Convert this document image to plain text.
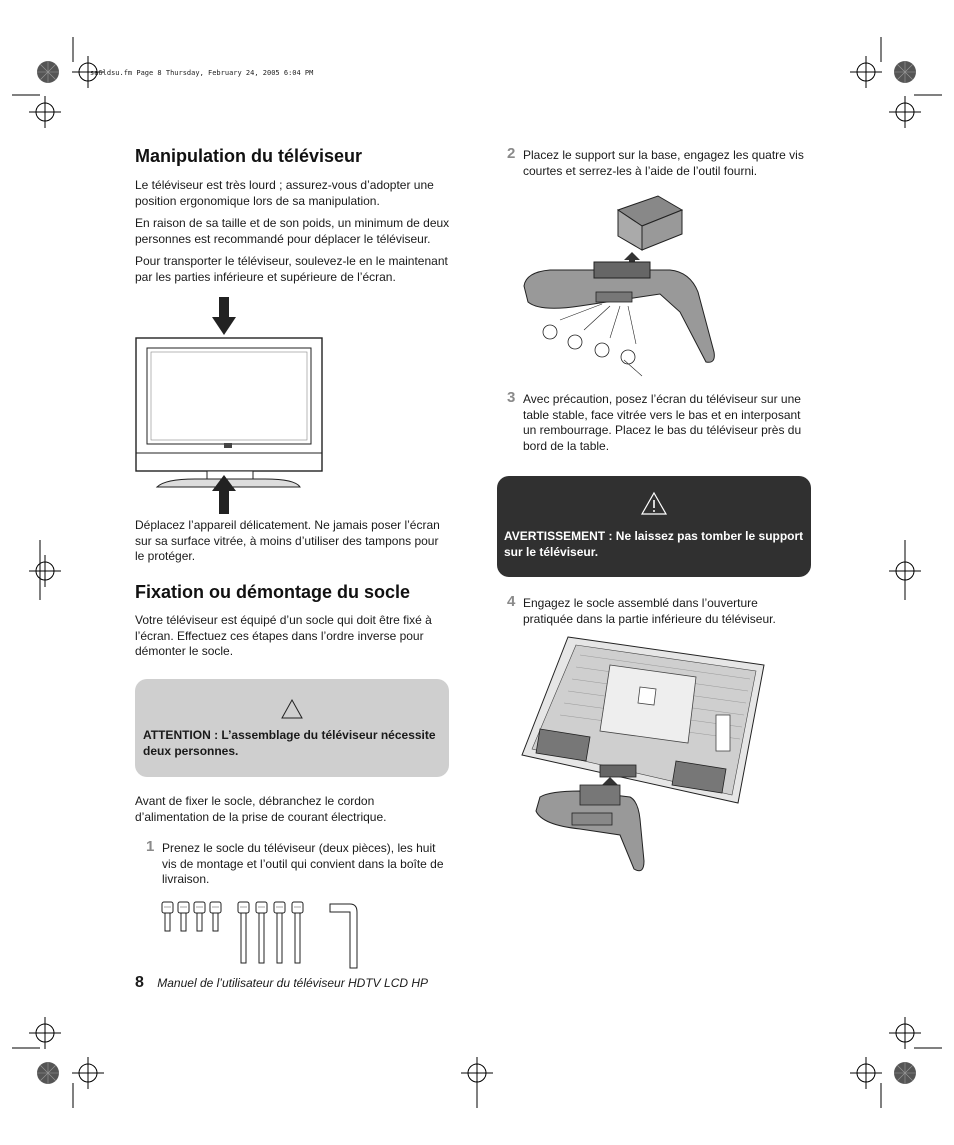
sa6ldsu.fm Page 8 Thursday, February 24, 2005 6:04 PM
Manipulation du téléviseur

Le téléviseur est très lourd ; assurez-vous d’adopter une position ergonomique lors de sa manipulation.

En raison de sa taille et de son poids, un minimum de deux personnes est recommandé pour déplacer le téléviseur.

Pour transporter le téléviseur, soulevez-le en le maintenant par les parties inférieure et supérieure de l’écran.

Déplacez l’appareil délicatement. Ne jamais poser l’écran sur sa surface vitrée, à moins d’utiliser des tampons pour le protéger.

Fixation ou démontage du socle

Votre téléviseur est équipé d’un socle qui doit être fixé à l’écran. Effectuez ces étapes dans l’ordre inverse pour démonter le socle.

ATTENTION : L’assemblage du téléviseur nécessite deux personnes.

Avant de fixer le socle, débranchez le cordon d’alimentation de la prise de courant électrique.

1 Prenez le socle du téléviseur (deux pièces), les huit vis de montage et l’outil qui convient dans la boîte de livraison.
8 Manuel de l’utilisateur du téléviseur HDTV LCD HP
2 Placez le support sur la base, engagez les quatre vis courtes et serrez-les à l’aide de l’outil fourni.
3 Avec précaution, posez l’écran du téléviseur sur une table stable, face vitrée vers le bas et en interposant un rembourrage. Placez le bas du téléviseur près du bord de la table.
AVERTISSEMENT : Ne laissez pas tomber le support sur le téléviseur.
4 Engagez le socle assemblé dans l’ouverture pratiquée dans la partie inférieure du téléviseur.
